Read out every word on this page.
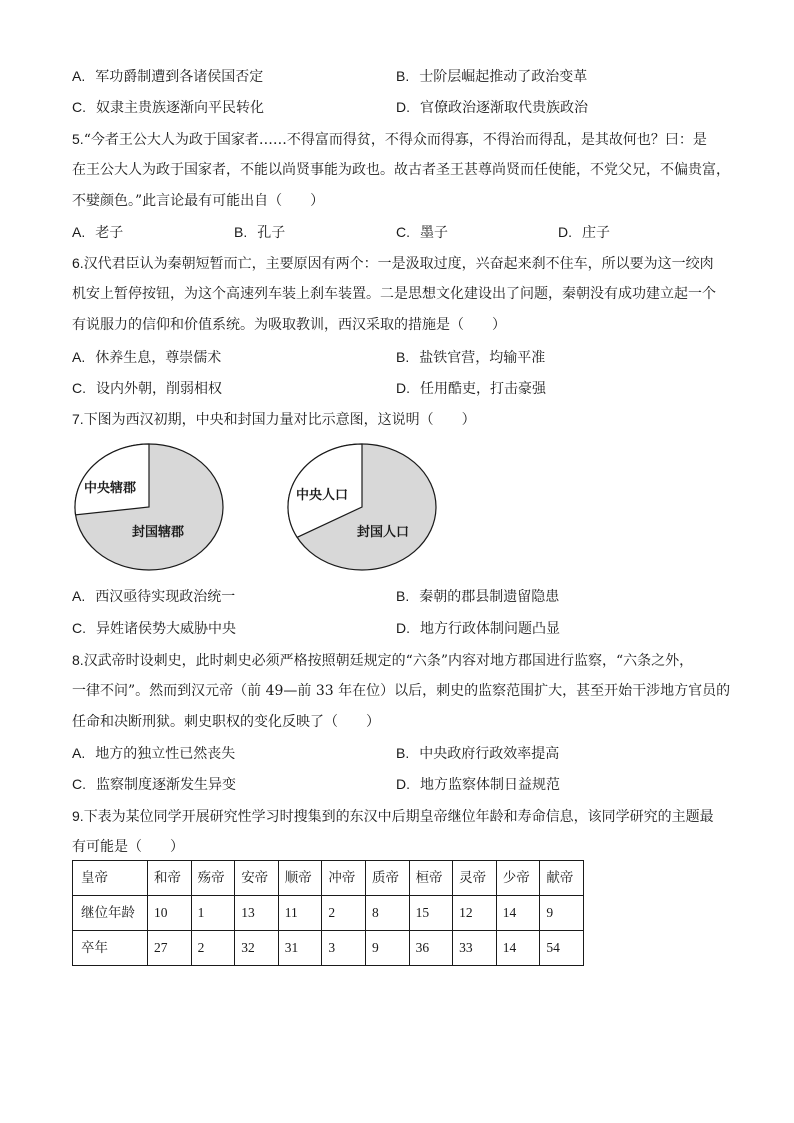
A. 军功爵制遭到各诸侯国否定	B. 士阶层崛起推动了政治变革
C. 奴隶主贵族逐渐向平民转化	D. 官僚政治逐渐取代贵族政治
5.“今者王公大人为政于国家者……不得富而得贫，不得众而得寡，不得治而得乱，是其故何也？曰：是
在王公大人为政于国家者，不能以尚贤事能为政也。故古者圣王甚尊尚贤而任使能，不党父兄，不偏贵富，
不嬖颜色。”此言论最有可能出自（　　）
A. 老子	B. 孔子	C. 墨子	D. 庄子
6.汉代君臣认为秦朝短暂而亡，主要原因有两个：一是汲取过度，兴奋起来刹不住车，所以要为这一绞肉
机安上暂停按钮，为这个高速列车装上刹车装置。二是思想文化建设出了问题，秦朝没有成功建立起一个
有说服力的信仰和价值系统。为吸取教训，西汉采取的措施是（　　）
A. 休养生息，尊崇儒术	B. 盐铁官营，均输平准
C. 设内外朝，削弱相权	D. 任用酷吏，打击豪强
7.下图为西汉初期，中央和封国力量对比示意图，这说明（　　）
中央辖郡
封国辖郡
中央人口
封国人口
A. 西汉亟待实现政治统一	B. 秦朝的郡县制遗留隐患
C. 异姓诸侯势大威胁中央	D. 地方行政体制问题凸显
8.汉武帝时设刺史，此时刺史必须严格按照朝廷规定的“六条”内容对地方郡国进行监察，“六条之外，
一律不问”。然而到汉元帝（前 49—前 33 年在位）以后，刺史的监察范围扩大，甚至开始干涉地方官员的
任命和决断刑狱。刺史职权的变化反映了（　　）
A. 地方的独立性已然丧失	B. 中央政府行政效率提高
C. 监察制度逐渐发生异变	D. 地方监察体制日益规范
9.下表为某位同学开展研究性学习时搜集到的东汉中后期皇帝继位年龄和寿命信息，该同学研究的主题最
有可能是（　　）
皇帝	和帝	殇帝	安帝	顺帝	冲帝	质帝	桓帝	灵帝	少帝	献帝
继位年龄	10	1	13	11	2	8	15	12	14	9
卒年	27	2	32	31	3	9	36	33	14	54
